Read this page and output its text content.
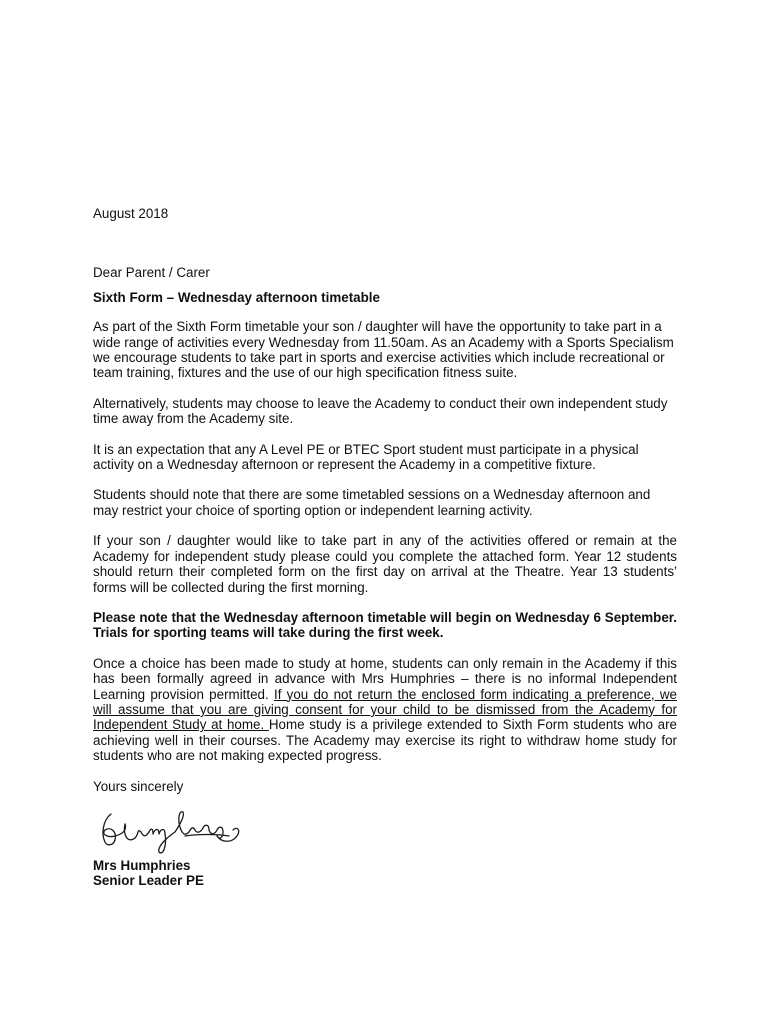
August 2018

Dear Parent / Carer

Sixth Form – Wednesday afternoon timetable

As part of the Sixth Form timetable your son / daughter will have the opportunity to take part in a wide range of activities every Wednesday from 11.50am. As an Academy with a Sports Specialism we encourage students to take part in sports and exercise activities which include recreational or team training, fixtures and the use of our high specification fitness suite.

Alternatively, students may choose to leave the Academy to conduct their own independent study time away from the Academy site.

It is an expectation that any A Level PE or BTEC Sport student must participate in a physical activity on a Wednesday afternoon or represent the Academy in a competitive fixture.

Students should note that there are some timetabled sessions on a Wednesday afternoon and may restrict your choice of sporting option or independent learning activity.

If your son / daughter would like to take part in any of the activities offered or remain at the Academy for independent study please could you complete the attached form. Year 12 students should return their completed form on the first day on arrival at the Theatre. Year 13 students’ forms will be collected during the first morning.

Please note that the Wednesday afternoon timetable will begin on Wednesday 6 September. Trials for sporting teams will take during the first week.

Once a choice has been made to study at home, students can only remain in the Academy if this has been formally agreed in advance with Mrs Humphries – there is no informal Independent Learning provision permitted. If you do not return the enclosed form indicating a preference, we will assume that you are giving consent for your child to be dismissed from the Academy for Independent Study at home. Home study is a privilege extended to Sixth Form students who are achieving well in their courses. The Academy may exercise its right to withdraw home study for students who are not making expected progress.

Yours sincerely

Mrs Humphries

Senior Leader PE
